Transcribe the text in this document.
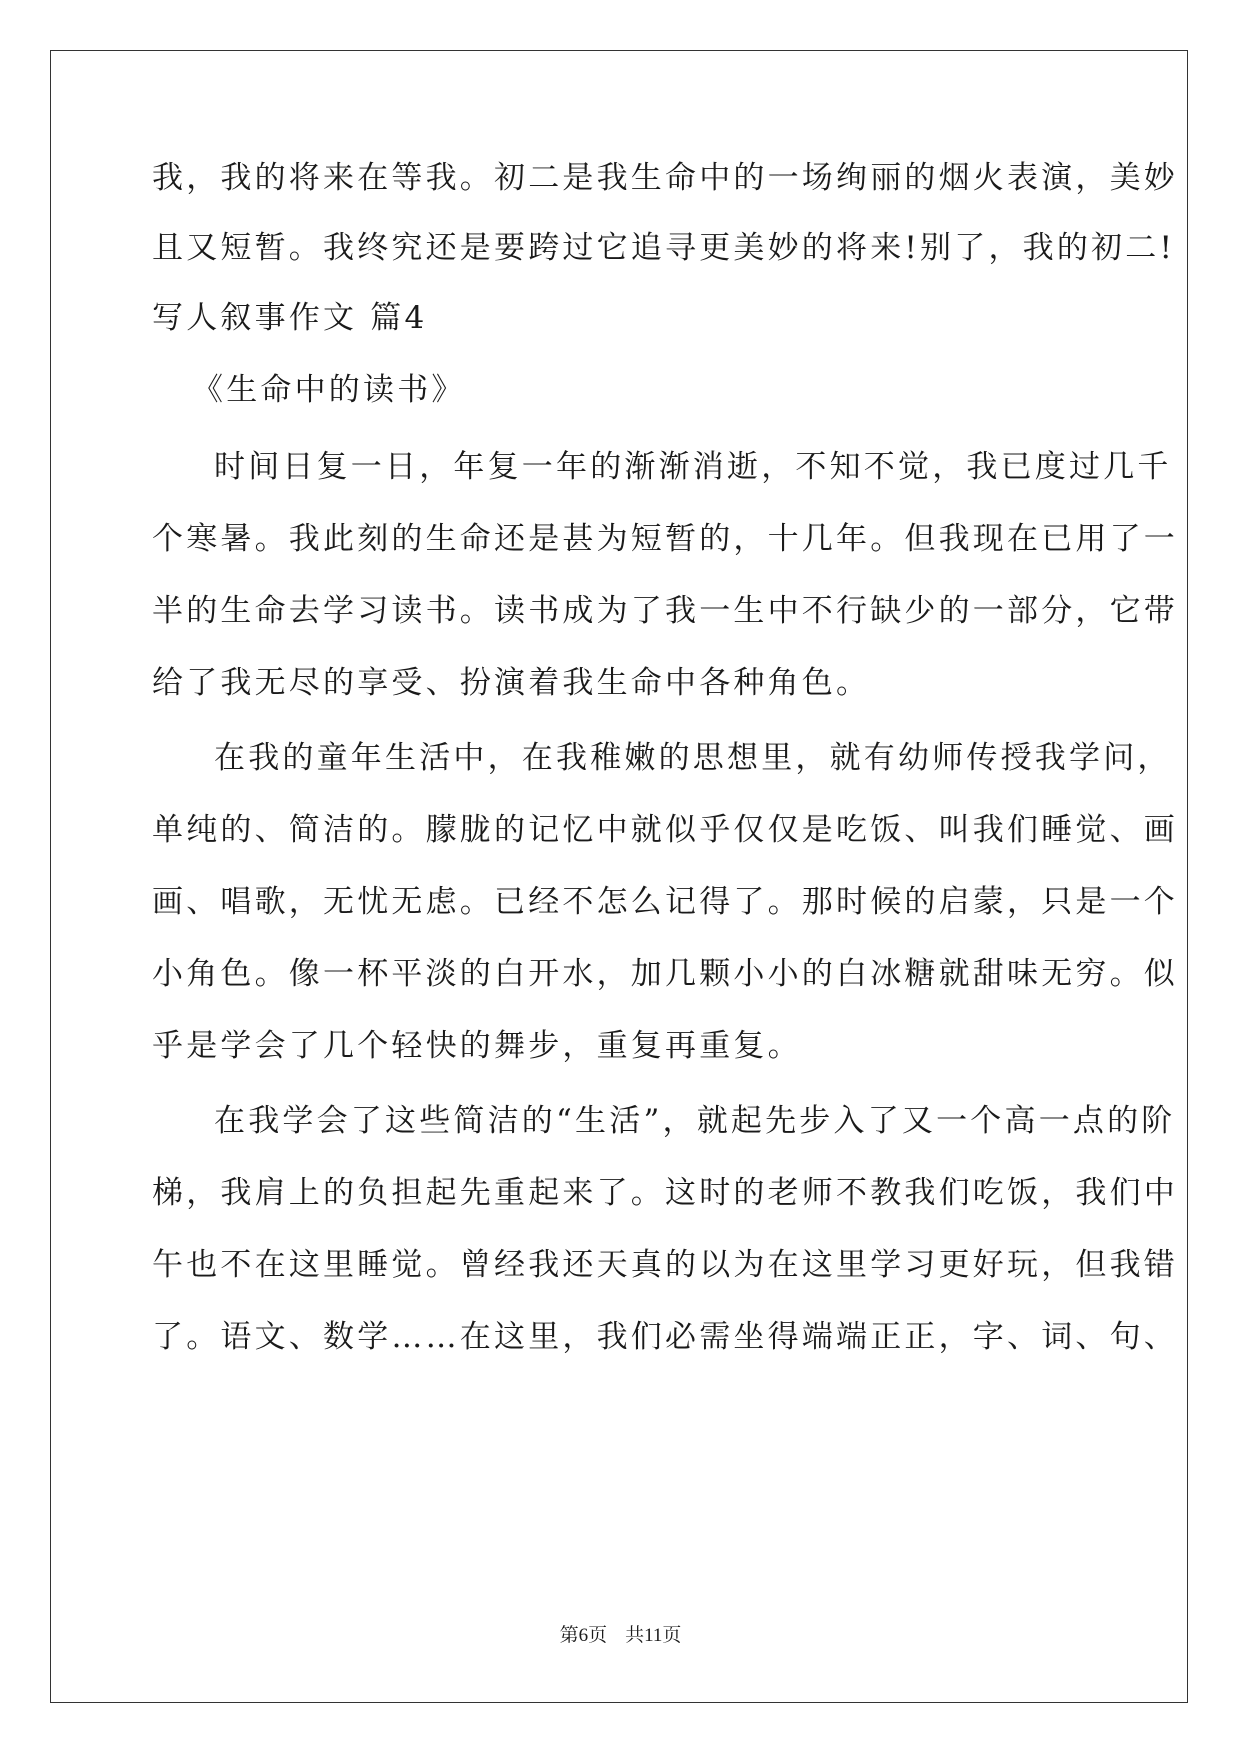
我，我的将来在等我。初二是我生命中的一场绚丽的烟火表演，美妙
且又短暂。我终究还是要跨过它追寻更美妙的将来!别了，我的初二!
写人叙事作文 篇4
《生命中的读书》
时间日复一日，年复一年的渐渐消逝，不知不觉，我已度过几千
个寒暑。我此刻的生命还是甚为短暂的，十几年。但我现在已用了一
半的生命去学习读书。读书成为了我一生中不行缺少的一部分，它带
给了我无尽的享受、扮演着我生命中各种角色。
在我的童年生活中，在我稚嫩的思想里，就有幼师传授我学问，
单纯的、简洁的。朦胧的记忆中就似乎仅仅是吃饭、叫我们睡觉、画
画、唱歌，无忧无虑。已经不怎么记得了。那时候的启蒙，只是一个
小角色。像一杯平淡的白开水，加几颗小小的白冰糖就甜味无穷。似
乎是学会了几个轻快的舞步，重复再重复。
在我学会了这些简洁的“生活”，就起先步入了又一个高一点的阶
梯，我肩上的负担起先重起来了。这时的老师不教我们吃饭，我们中
午也不在这里睡觉。曾经我还天真的以为在这里学习更好玩，但我错
了。语文、数学……在这里，我们必需坐得端端正正，字、词、句、
第6页 共11页
